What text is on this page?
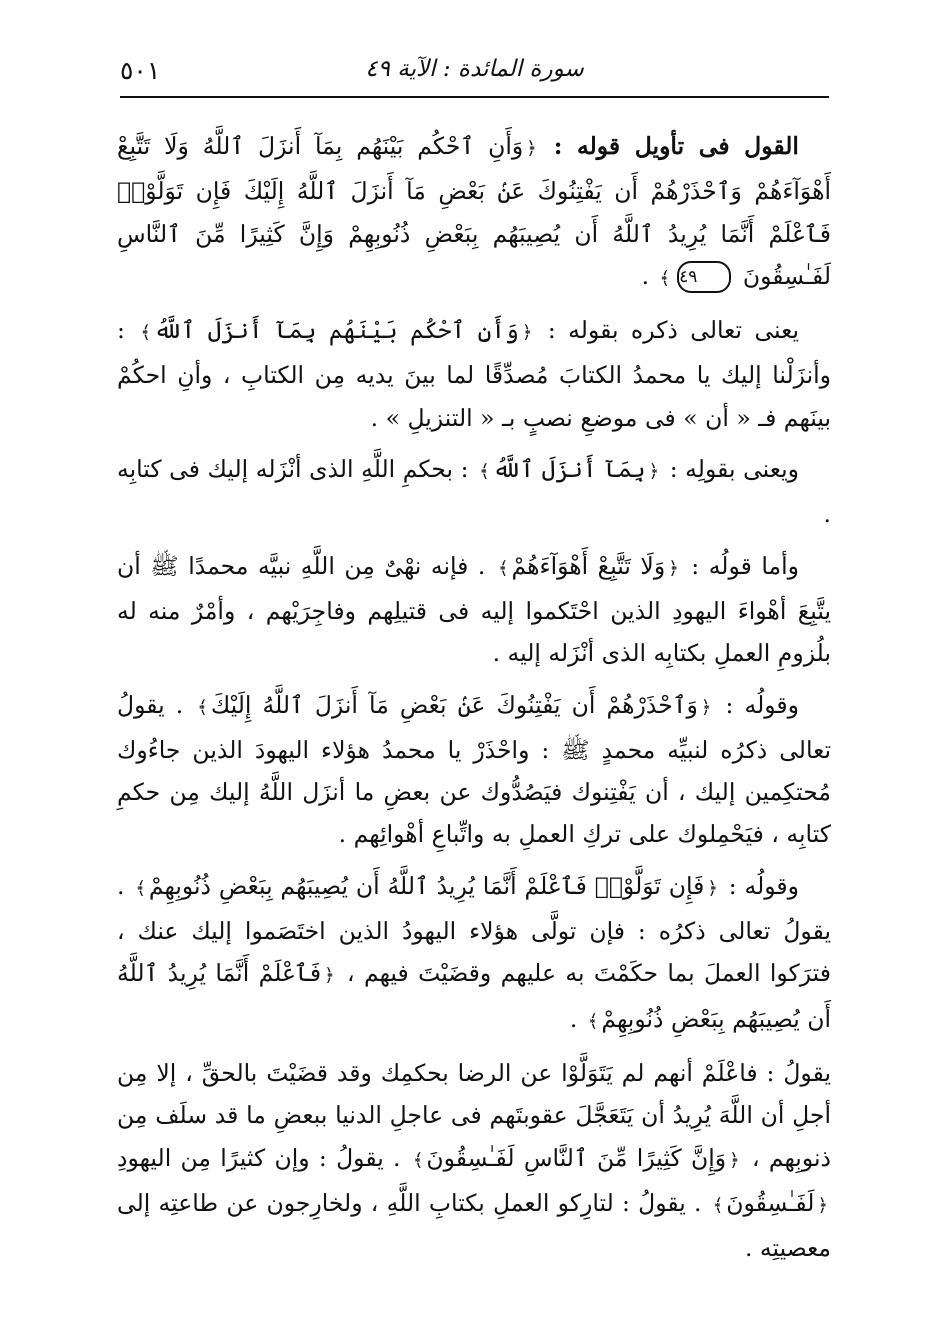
٥٠١	سورة المائدة : الآية ٤٩

القول فى تأويل قوله : ﴿وَأَنِ ٱحْكُم بَيْنَهُم بِمَآ أَنزَلَ ٱللَّهُ وَلَا تَتَّبِعْ أَهْوَآءَهُمْ وَٱحْذَرْهُمْ أَن يَفْتِنُوكَ عَنۢ بَعْضِ مَآ أَنزَلَ ٱللَّهُ إِلَيْكَ فَإِن تَوَلَّوْا۟ فَٱعْلَمْ أَنَّمَا يُرِيدُ ٱللَّهُ أَن يُصِيبَهُم بِبَعْضِ ذُنُوبِهِمْ وَإِنَّ كَثِيرًا مِّنَ ٱلنَّاسِ لَفَـٰسِقُونَ ٤٩﴾ .

يعنى تعالى ذكره بقوله : ﴿وَأَنِ ٱحْكُم بَيْنَهُم بِمَآ أَنزَلَ ٱللَّهُ﴾ : وأنزَلْنا إليك يا محمدُ الكتابَ مُصدِّقًا لما بينَ يديه مِن الكتابِ ، وأنِ احكُمْ بينَهم فـ « أن » فى موضعِ نصبٍ بـ « التنزيلِ » .

ويعنى بقولِه : ﴿بِمَآ أَنزَلَ ٱللَّهُ﴾ : بحكمِ اللَّهِ الذى أنْزَله إليك فى كتابِه .

وأما قولُه : ﴿وَلَا تَتَّبِعْ أَهْوَآءَهُمْ﴾ . فإنه نهْىٌ مِن اللَّهِ نبيَّه محمدًا ﷺ أن يتَّبِعَ أهْواءَ اليهودِ الذين احْتَكموا إليه فى قتيلِهم وفاجِرَيْهم ، وأمْرٌ منه له بلُزومِ العملِ بكتابِه الذى أنْزَله إليه .

وقولُه : ﴿وَٱحْذَرْهُمْ أَن يَفْتِنُوكَ عَنۢ بَعْضِ مَآ أَنزَلَ ٱللَّهُ إِلَيْكَ﴾ . يقولُ تعالى ذكرُه لنبيِّه محمدٍ ﷺ : واحْذَرْ يا محمدُ هؤلاء اليهودَ الذين جاءُوك مُحتكِمين إليك ، أن يَفْتِنوك فيَصُدُّوك عن بعضِ ما أنزَل اللَّهُ إليك مِن حكمِ كتابِه ، فيَحْمِلوك على تركِ العملِ به واتِّباعِ أهْوائِهم .

وقولُه : ﴿فَإِن تَوَلَّوْا۟ فَٱعْلَمْ أَنَّمَا يُرِيدُ ٱللَّهُ أَن يُصِيبَهُم بِبَعْضِ ذُنُوبِهِمْ﴾ . يقولُ تعالى ذكرُه : فإن تولَّى هؤلاء اليهودُ الذين اختَصَموا إليك عنك ، فترَكوا العملَ بما حكَمْتَ به عليهم وقضَيْتَ فيهم ، ﴿فَٱعْلَمْ أَنَّمَا يُرِيدُ ٱللَّهُ أَن يُصِيبَهُم بِبَعْضِ ذُنُوبِهِمْ﴾ .

يقولُ : فاعْلَمْ أنهم لم يَتَوَلَّوْا عن الرضا بحكمِك وقد قضَيْتَ بالحقِّ ، إلا مِن أجلِ أن اللَّهَ يُرِيدُ أن يَتَعَجَّلَ عقوبتَهم فى عاجلِ الدنيا ببعضِ ما قد سلَف مِن ذنوبِهم ، ﴿وَإِنَّ كَثِيرًا مِّنَ ٱلنَّاسِ لَفَـٰسِقُونَ﴾ . يقولُ : وإن كثيرًا مِن اليهودِ ﴿لَفَـٰسِقُونَ﴾ . يقولُ : لتارِكو العملِ بكتابِ اللَّهِ ، ولخارِجون عن طاعتِه إلى معصيتِه .
